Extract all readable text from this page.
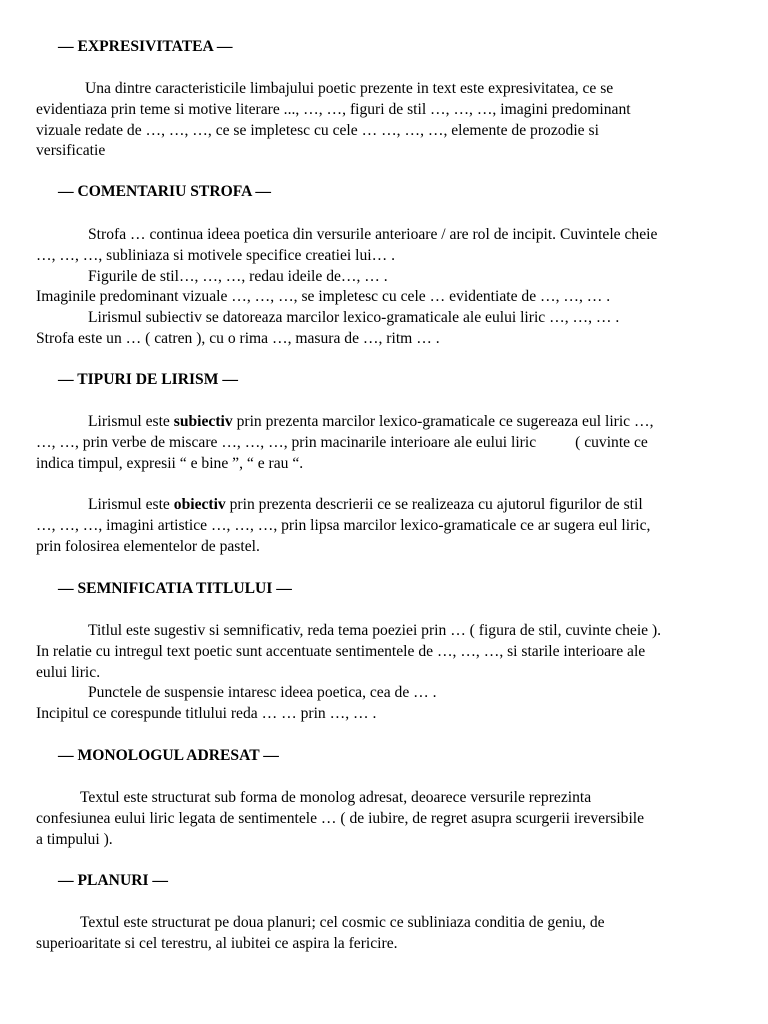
— EXPRESIVITATEA —
Una dintre caracteristicile limbajului poetic prezente in text este expresivitatea, ce se
evidentiaza prin teme si motive literare ..., …, …, figuri de stil …, …, …, imagini predominant
vizuale redate de …, …, …, ce se impletesc cu cele … …, …, …, elemente de prozodie si
versificatie
— COMENTARIU STROFA —
Strofa … continua ideea poetica din versurile anterioare / are rol de incipit. Cuvintele cheie
…, …, …, subliniaza si motivele specifice creatiei lui… .
Figurile de stil…, …, …, redau ideile de…, … .
Imaginile predominant vizuale …, …, …, se impletesc cu cele … evidentiate de …, …, … .
Lirismul subiectiv se datoreaza marcilor lexico-gramaticale ale eului liric …, …, … .
Strofa este un … ( catren ), cu o rima …, masura de …, ritm … .
— TIPURI DE LIRISM —
Lirismul este subiectiv prin prezenta marcilor lexico-gramaticale ce sugereaza eul liric …,
…, …, prin verbe de miscare …, …, …, prin macinarile interioare ale eului liric          ( cuvinte ce
indica timpul, expresii “ e bine ”, “ e rau “.
Lirismul este obiectiv prin prezenta descrierii ce se realizeaza cu ajutorul figurilor de stil
…, …, …, imagini artistice …, …, …, prin lipsa marcilor lexico-gramaticale ce ar sugera eul liric,
prin folosirea elementelor de pastel.
— SEMNIFICATIA TITLULUI —
Titlul este sugestiv si semnificativ, reda tema poeziei prin … ( figura de stil, cuvinte cheie ).
In relatie cu intregul text poetic sunt accentuate sentimentele de …, …, …, si starile interioare ale
eului liric.
Punctele de suspensie intaresc ideea poetica, cea de … .
Incipitul ce corespunde titlului reda … … prin …, … .
— MONOLOGUL ADRESAT —
Textul este structurat sub forma de monolog adresat, deoarece versurile reprezinta
confesiunea eului liric legata de sentimentele … ( de iubire, de regret asupra scurgerii ireversibile
a timpului ).
— PLANURI —
Textul este structurat pe doua planuri; cel cosmic ce subliniaza conditia de geniu, de
superioaritate si cel terestru, al iubitei ce aspira la fericire.
